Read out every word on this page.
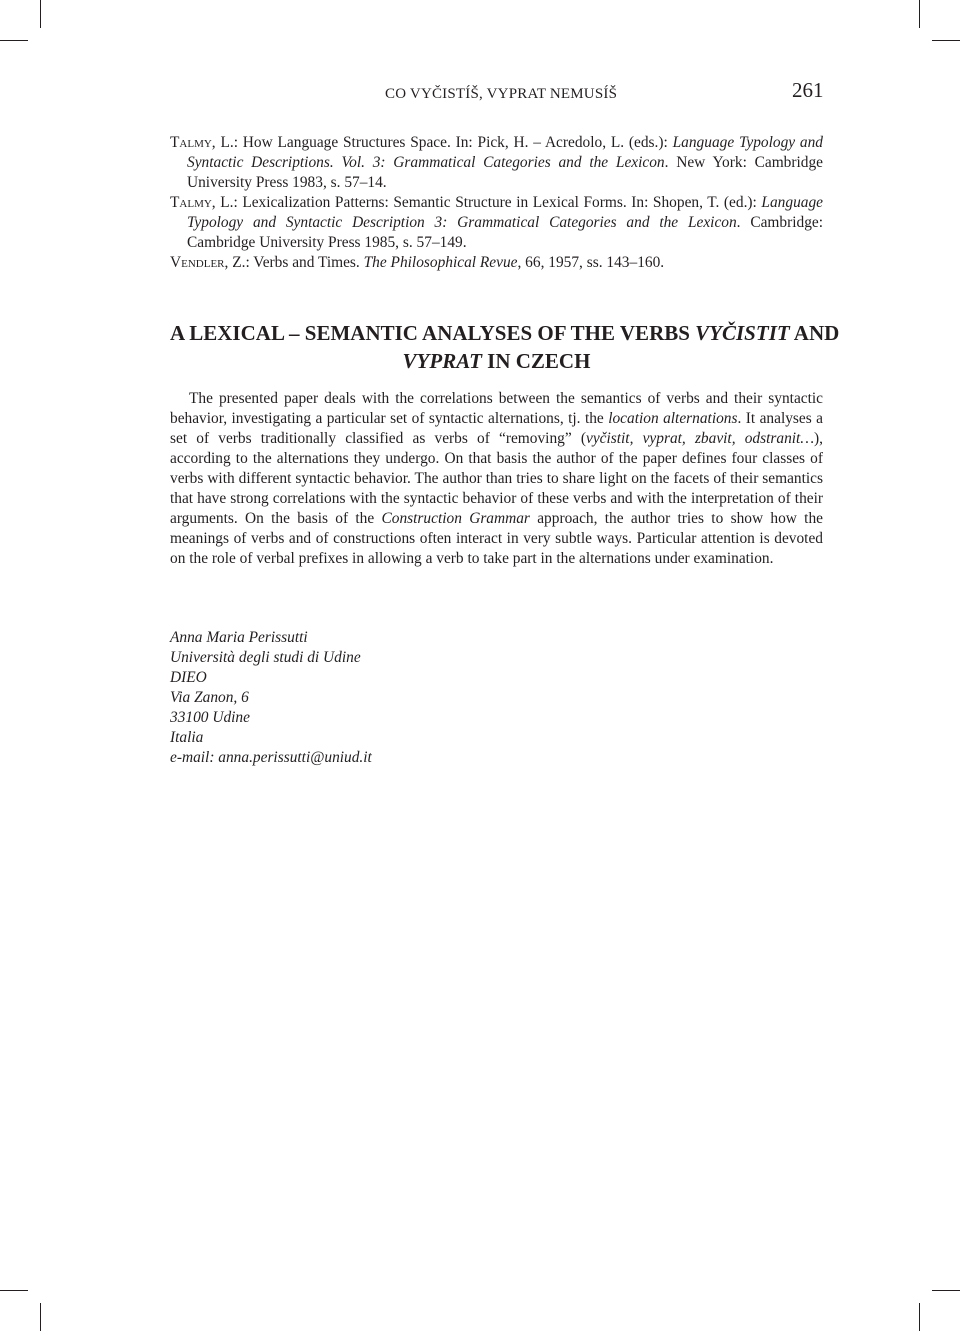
CO VYČISTÍŠ, VYPRAT NEMUSÍŠ	261

Talmy, L.: How Language Structures Space. In: Pick, H. – Acredolo, L. (eds.): Language Typology and Syntactic Descriptions. Vol. 3: Grammatical Categories and the Lexicon. New York: Cambridge University Press 1983, s. 57–14.

Talmy, L.: Lexicalization Patterns: Semantic Structure in Lexical Forms. In: Shopen, T. (ed.): Language Typology and Syntactic Description 3: Grammatical Categories and the Lexicon. Cambridge: Cambridge University Press 1985, s. 57–149.

Vendler, Z.: Verbs and Times. The Philosophical Revue, 66, 1957, ss. 143–160.

A LEXICAL – SEMANTIC ANALYSES OF THE VERBS VYČISTIT AND
VYPRAT IN CZECH

The presented paper deals with the correlations between the semantics of verbs and their syntactic behavior, investigating a particular set of syntactic alternations, tj. the location alternations. It analyses a set of verbs traditionally classified as verbs of “removing” (vyčistit, vyprat, zbavit, odstranit…), according to the alternations they undergo. On that basis the author of the paper defines four classes of verbs with different syntactic behavior. The author than tries to share light on the facets of their semantics that have strong correlations with the syntactic behavior of these verbs and with the interpretation of their arguments. On the basis of the Construction Grammar approach, the author tries to show how the meanings of verbs and of constructions often interact in very subtle ways. Particular attention is devoted on the role of verbal prefixes in allowing a verb to take part in the alternations under examination.

Anna Maria Perissutti
Università degli studi di Udine
DIEO
Via Zanon, 6
33100 Udine
Italia
e-mail: anna.perissutti@uniud.it
